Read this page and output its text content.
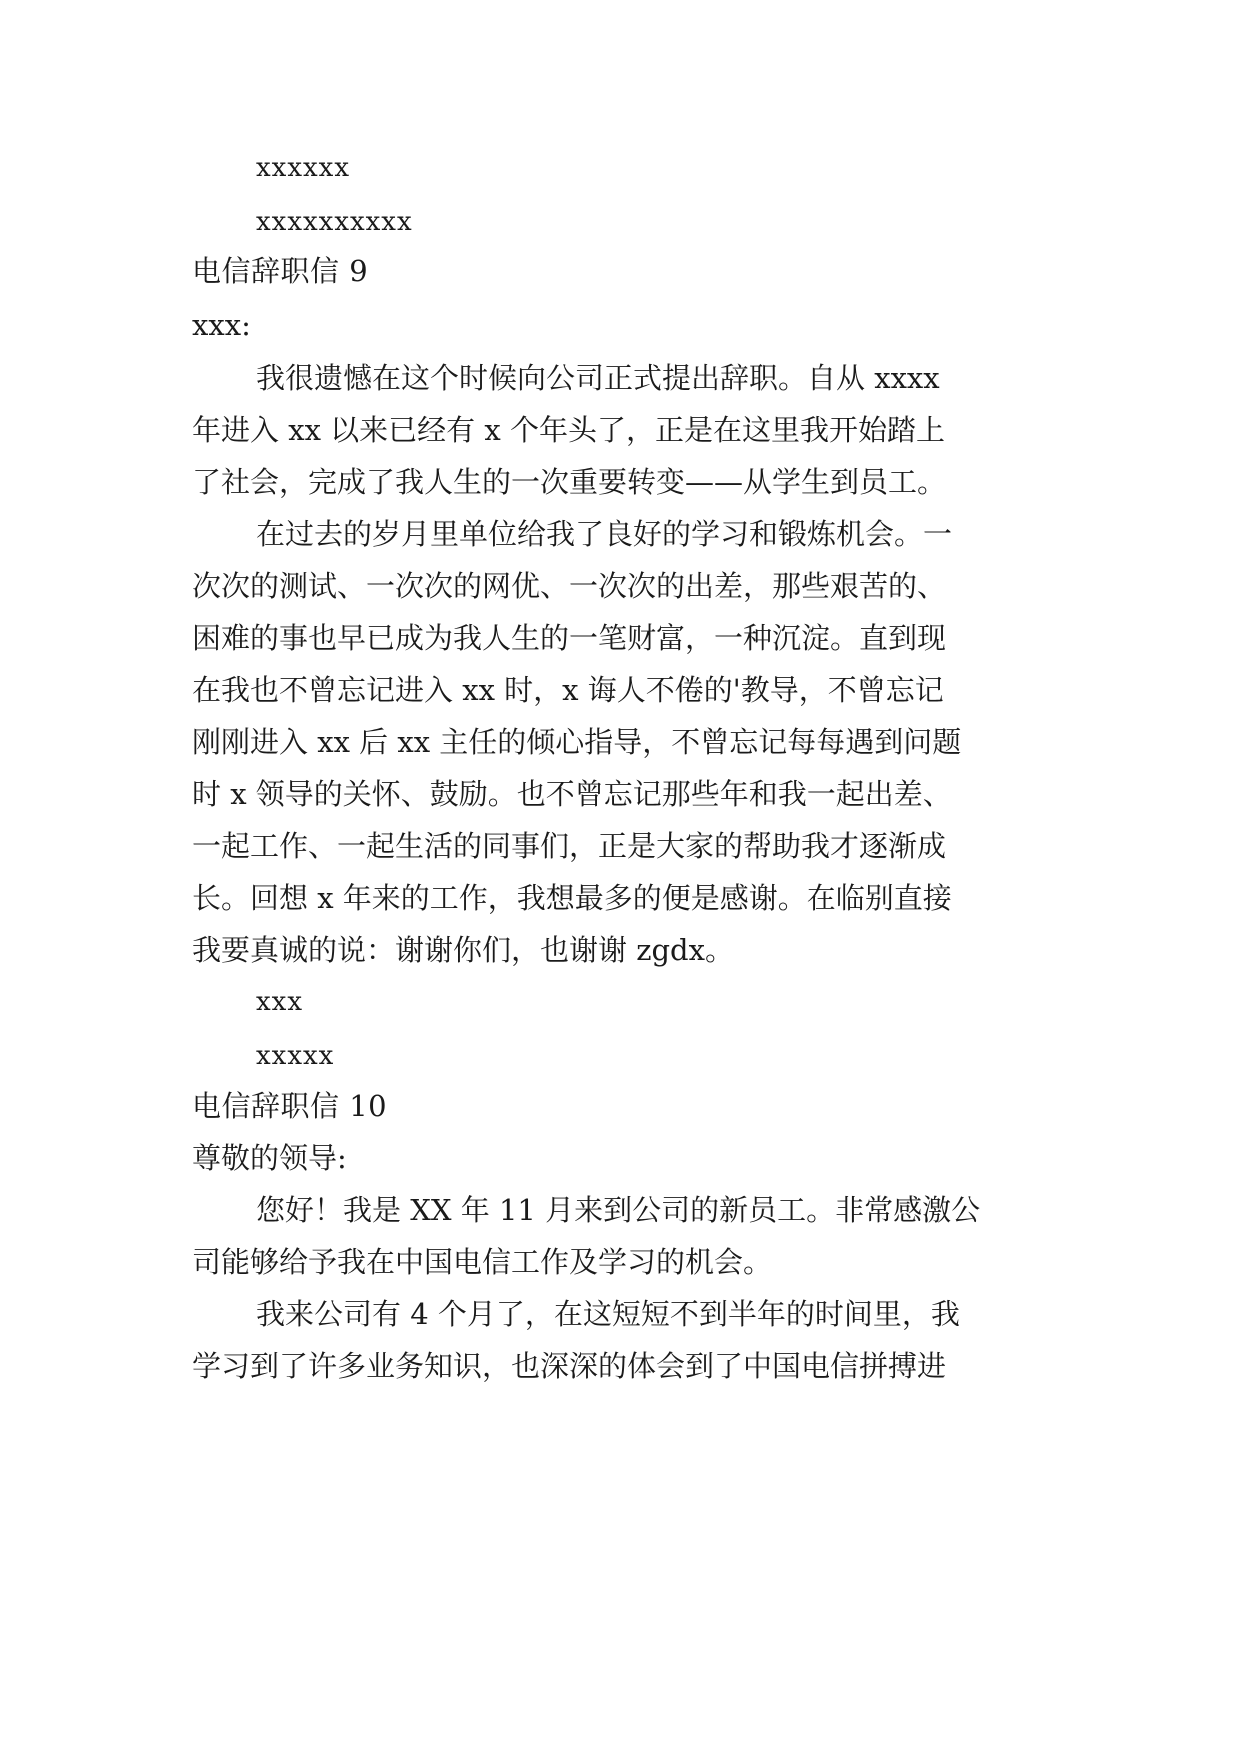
xxxxxx
xxxxxxxxxx
电信辞职信 9
xxx:
我很遗憾在这个时候向公司正式提出辞职。自从 xxxx
年进入 xx 以来已经有 x 个年头了，正是在这里我开始踏上
了社会，完成了我人生的一次重要转变——从学生到员工。
在过去的岁月里单位给我了良好的学习和锻炼机会。一
次次的测试、一次次的网优、一次次的出差，那些艰苦的、
困难的事也早已成为我人生的一笔财富，一种沉淀。直到现
在我也不曾忘记进入 xx 时，x 诲人不倦的'教导，不曾忘记
刚刚进入 xx 后 xx 主任的倾心指导，不曾忘记每每遇到问题
时 x 领导的关怀、鼓励。也不曾忘记那些年和我一起出差、
一起工作、一起生活的同事们，正是大家的帮助我才逐渐成
长。回想 x 年来的工作，我想最多的便是感谢。在临别直接
我要真诚的说：谢谢你们，也谢谢 zgdx。
xxx
xxxxx
电信辞职信 10
尊敬的领导:
您好！我是 XX 年 11 月来到公司的新员工。非常感激公
司能够给予我在中国电信工作及学习的机会。
我来公司有 4 个月了，在这短短不到半年的时间里，我
学习到了许多业务知识，也深深的体会到了中国电信拼搏进
